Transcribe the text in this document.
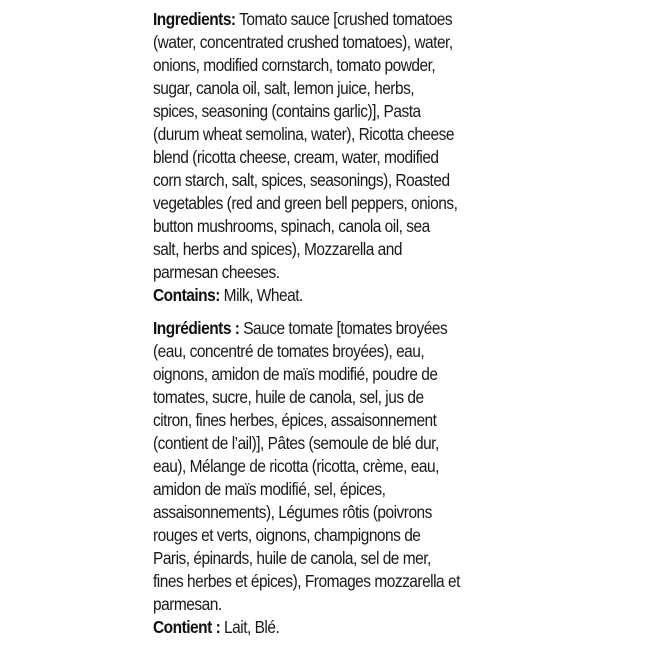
Ingredients: Tomato sauce [crushed tomatoes
(water, concentrated crushed tomatoes), water,
onions, modified cornstarch, tomato powder,
sugar, canola oil, salt, lemon juice, herbs,
spices, seasoning (contains garlic)], Pasta
(durum wheat semolina, water), Ricotta cheese
blend (ricotta cheese, cream, water, modified
corn starch, salt, spices, seasonings), Roasted
vegetables (red and green bell peppers, onions,
button mushrooms, spinach, canola oil, sea
salt, herbs and spices), Mozzarella and
parmesan cheeses.
Contains: Milk, Wheat.
Ingrédients : Sauce tomate [tomates broyées
(eau, concentré de tomates broyées), eau,
oignons, amidon de maïs modifié, poudre de
tomates, sucre, huile de canola, sel, jus de
citron, fines herbes, épices, assaisonnement
(contient de l’ail)], Pâtes (semoule de blé dur,
eau), Mélange de ricotta (ricotta, crème, eau,
amidon de maïs modifié, sel, épices,
assaisonnements), Légumes rôtis (poivrons
rouges et verts, oignons, champignons de
Paris, épinards, huile de canola, sel de mer,
fines herbes et épices), Fromages mozzarella et
parmesan.
Contient : Lait, Blé.
